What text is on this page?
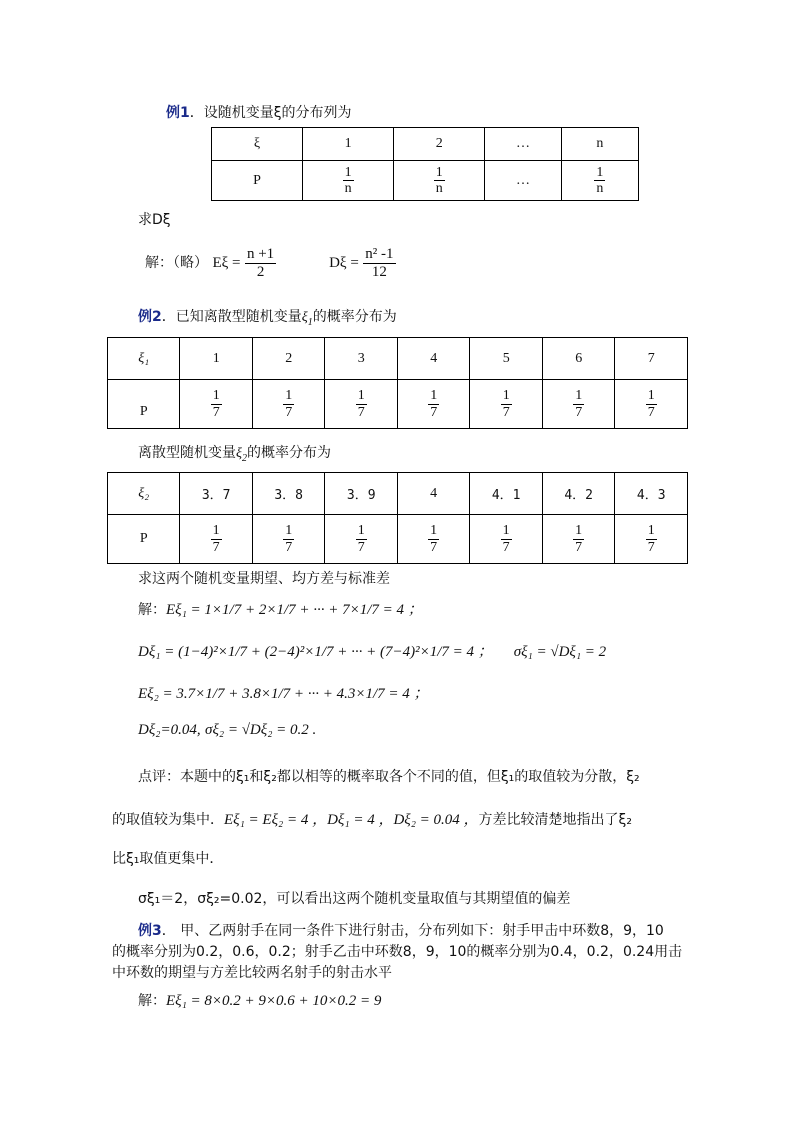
例1．设随机变量ξ的分布列为
ξ	1	2	…	n
P	$\frac{1}{n}$	$\frac{1}{n}$	…	$\frac{1}{n}$
求Dξ
解：（略） $E\xi = \frac{n +1}{2}$	$D\xi = \frac{\text{n² -1}}{12}$
例2．已知离散型随机变量$\xi_1$的概率分布为
ξ₁	1	2	3	4	5	6	7
P	$\frac{1}{7}$	$\frac{1}{7}$	$\frac{1}{7}$	$\frac{1}{7}$	$\frac{1}{7}$	$\frac{1}{7}$	$\frac{1}{7}$
离散型随机变量$\xi_2$的概率分布为
ξ₂	3．7	3．8	3．9	4	4．1	4．2	4．3
P	$\frac{1}{7}$	$\frac{1}{7}$	$\frac{1}{7}$	$\frac{1}{7}$	$\frac{1}{7}$	$\frac{1}{7}$	$\frac{1}{7}$
求这两个随机变量期望、均方差与标准差
解：Eξ₁ = 1×1/7 + 2×1/7 + ··· + 7×1/7 = 4 ；
Dξ₁ = (1−4)²×1/7 + (2−4)²×1/7 + ··· + (7−4)²×1/7 = 4 ； σξ₁ = √Dξ₁ = 2
Eξ₂ = 3.7×1/7 + 3.8×1/7 + ··· + 4.3×1/7 = 4 ；
Dξ₂=0.04, σξ₂ = √Dξ₂ = 0.2 .
点评：本题中的ξ₁和ξ₂都以相等的概率取各个不同的值，但ξ₁的取值较为分散，ξ₂
的取值较为集中．Eξ₁ = Eξ₂ = 4 ，Dξ₁ = 4 ，Dξ₂ = 0.04 ，方差比较清楚地指出了ξ₂
比ξ₁取值更集中．
σξ₁＝2，σξ₂=0.02，可以看出这两个随机变量取值与其期望值的偏差
例3． 甲、乙两射手在同一条件下进行射击，分布列如下：射手甲击中环数8，9，10
的概率分别为0.2，0.6，0.2；射手乙击中环数8，9，10的概率分别为0.4，0.2，0.24用击
中环数的期望与方差比较两名射手的射击水平
解：Eξ₁ = 8×0.2 + 9×0.6 + 10×0.2 = 9
